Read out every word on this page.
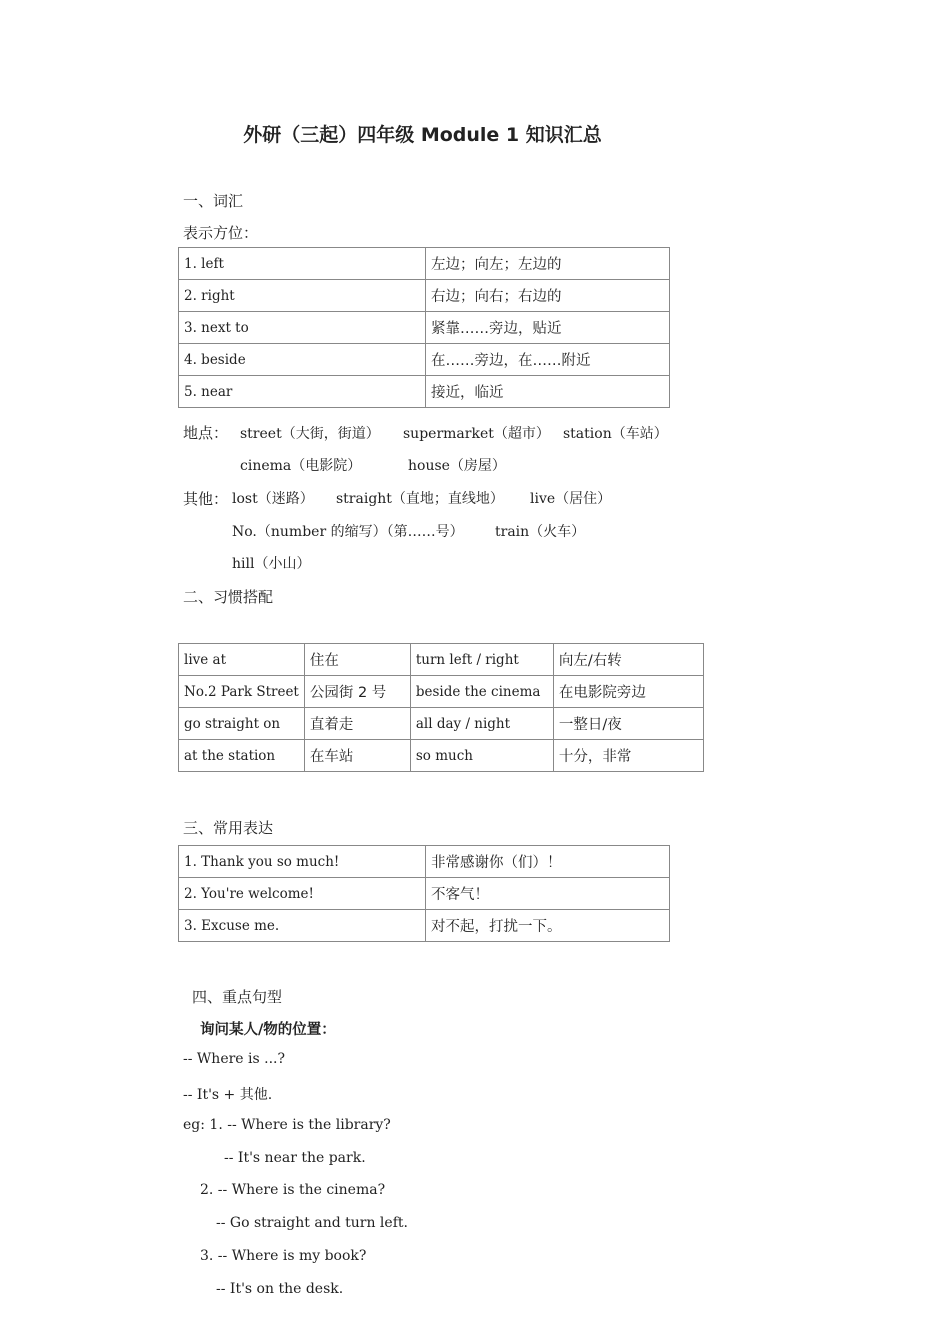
外研（三起）四年级 Module 1 知识汇总
一、词汇
表示方位：
1. left	左边；向左；左边的
2. right	右边；向右；右边的
3. next to	紧靠……旁边，贴近
4. beside	在……旁边，在……附近
5. near	接近，临近
地点： street（大街，街道） supermarket（超市） station（车站）
cinema（电影院）	house（房屋）
其他： lost（迷路） straight（直地；直线地） live（居住）
No.（number 的缩写）（第……号） train（火车）
hill（小山）
二、习惯搭配
live at	住在	turn left / right	向左/右转
No.2 Park Street	公园街 2 号	beside the cinema	在电影院旁边
go straight on	直着走	all day / night	一整日/夜
at the station	在车站	so much	十分，非常
三、常用表达
1. Thank you so much!	非常感谢你（们）！
2. You're welcome!	不客气！
3. Excuse me.	对不起，打扰一下。
四、重点句型
询问某人/物的位置：
-- Where is ...?
-- It's + 其他.
eg: 1. -- Where is the library?
-- It's near the park.
2. -- Where is the cinema?
-- Go straight and turn left.
3. -- Where is my book?
-- It's on the desk.
